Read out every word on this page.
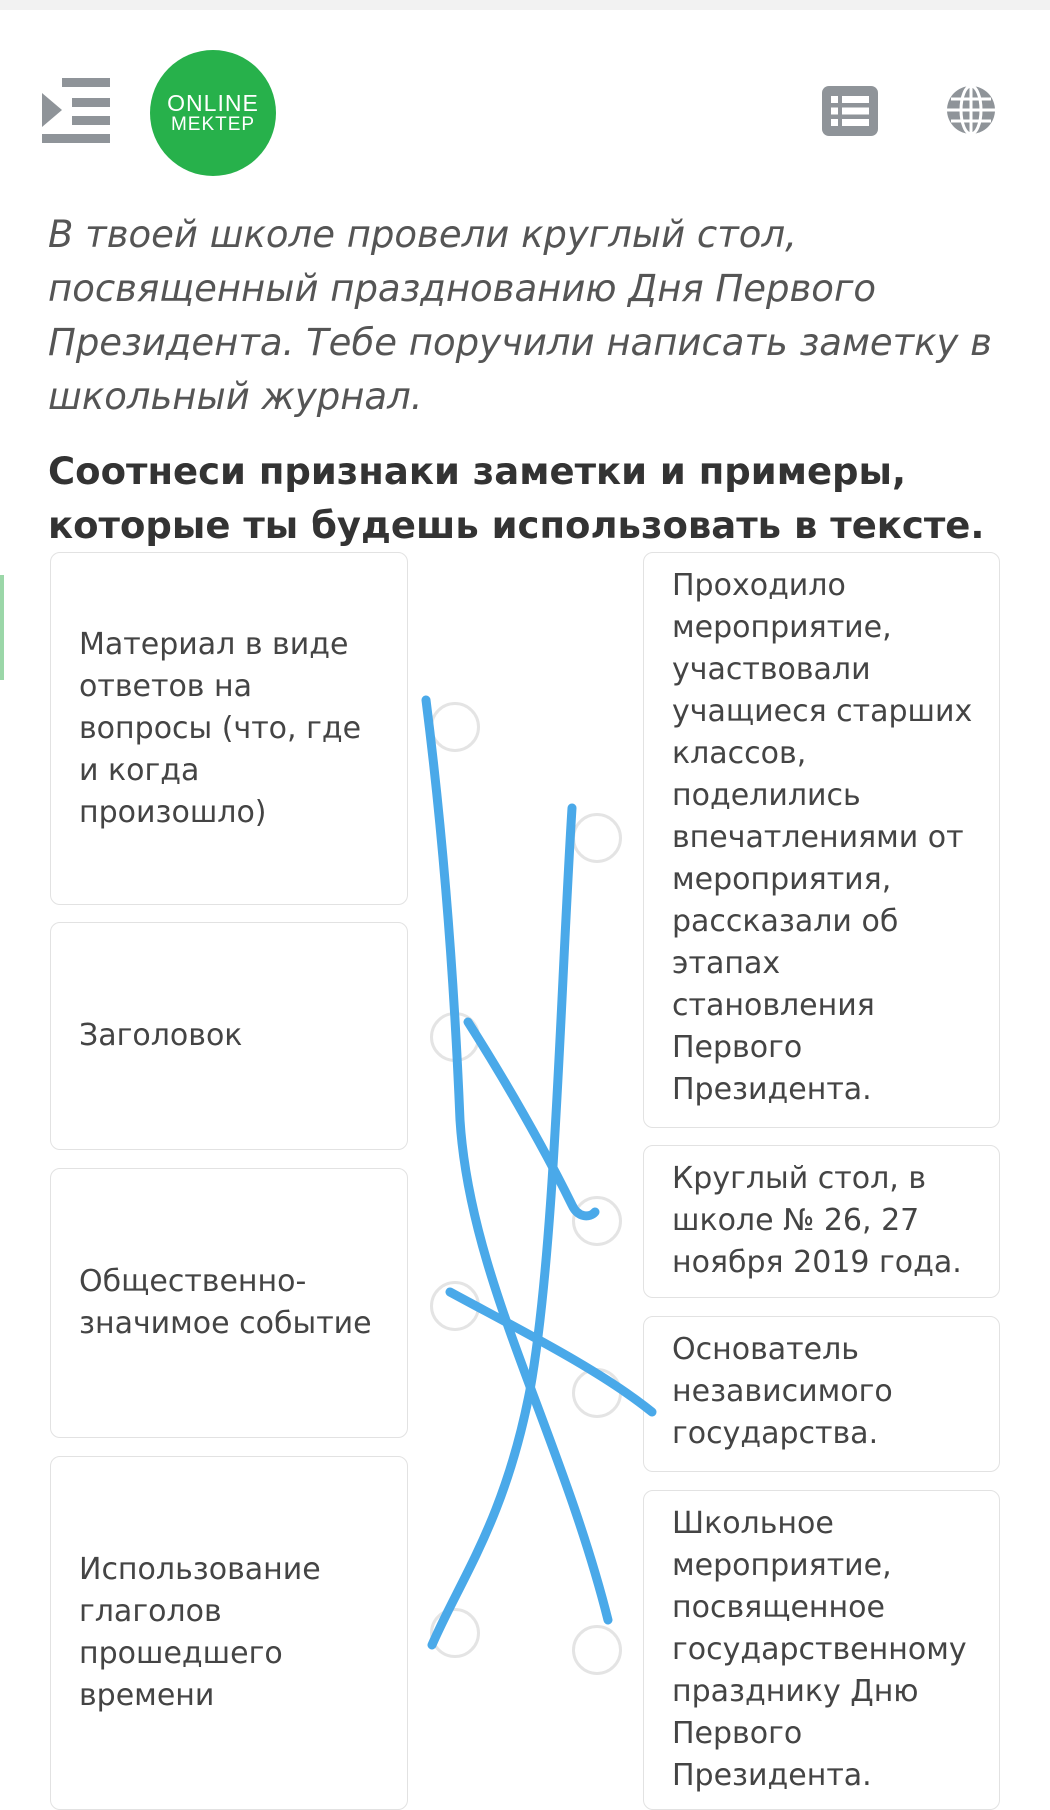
ONLINE
MEKTEP

В твоей школе провели круглый стол, посвященный празднованию Дня Первого Президента. Тебе поручили написать заметку в школьный журнал.

Соотнеси признаки заметки и примеры, которые ты будешь использовать в тексте.

Материал в виде ответов на вопросы (что, где и когда произошло)
Заголовок
Общественно-значимое событие
Использование глаголов прошедшего времени
Проходило мероприятие, участвовали учащиеся старших классов, поделились впечатлениями от мероприятия, рассказали об этапах становления Первого Президента.
Круглый стол, в школе № 26, 27 ноября 2019 года.
Основатель независимого государства.
Школьное мероприятие, посвященное государственному празднику Дню Первого Президента.
